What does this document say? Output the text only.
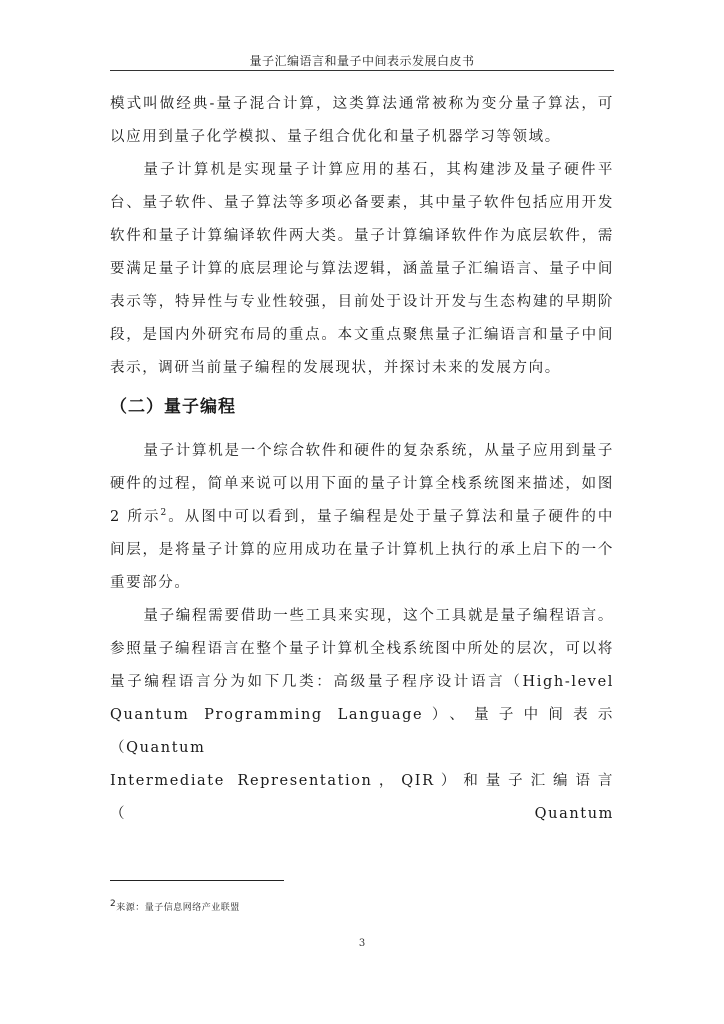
量子汇编语言和量子中间表示发展白皮书

模式叫做经典-量子混合计算，这类算法通常被称为变分量子算法，可以应用到量子化学模拟、量子组合优化和量子机器学习等领域。

量子计算机是实现量子计算应用的基石，其构建涉及量子硬件平台、量子软件、量子算法等多项必备要素，其中量子软件包括应用开发软件和量子计算编译软件两大类。量子计算编译软件作为底层软件，需要满足量子计算的底层理论与算法逻辑，涵盖量子汇编语言、量子中间表示等，特异性与专业性较强，目前处于设计开发与生态构建的早期阶段，是国内外研究布局的重点。本文重点聚焦量子汇编语言和量子中间表示，调研当前量子编程的发展现状，并探讨未来的发展方向。

（二）量子编程

量子计算机是一个综合软件和硬件的复杂系统，从量子应用到量子硬件的过程，简单来说可以用下面的量子计算全栈系统图来描述，如图 2 所示$^2$。从图中可以看到，量子编程是处于量子算法和量子硬件的中间层，是将量子计算的应用成功在量子计算机上执行的承上启下的一个重要部分。

量子编程需要借助一些工具来实现，这个工具就是量子编程语言。参照量子编程语言在整个量子计算机全栈系统图中所处的层次，可以将量子编程语言分为如下几类：高级量子程序设计语言（High-level Quantum Programming Language）、量子中间表示（Quantum

Intermediate Representation，QIR）和量子汇编语言（Quantum

$^2$来源：量子信息网络产业联盟
3
